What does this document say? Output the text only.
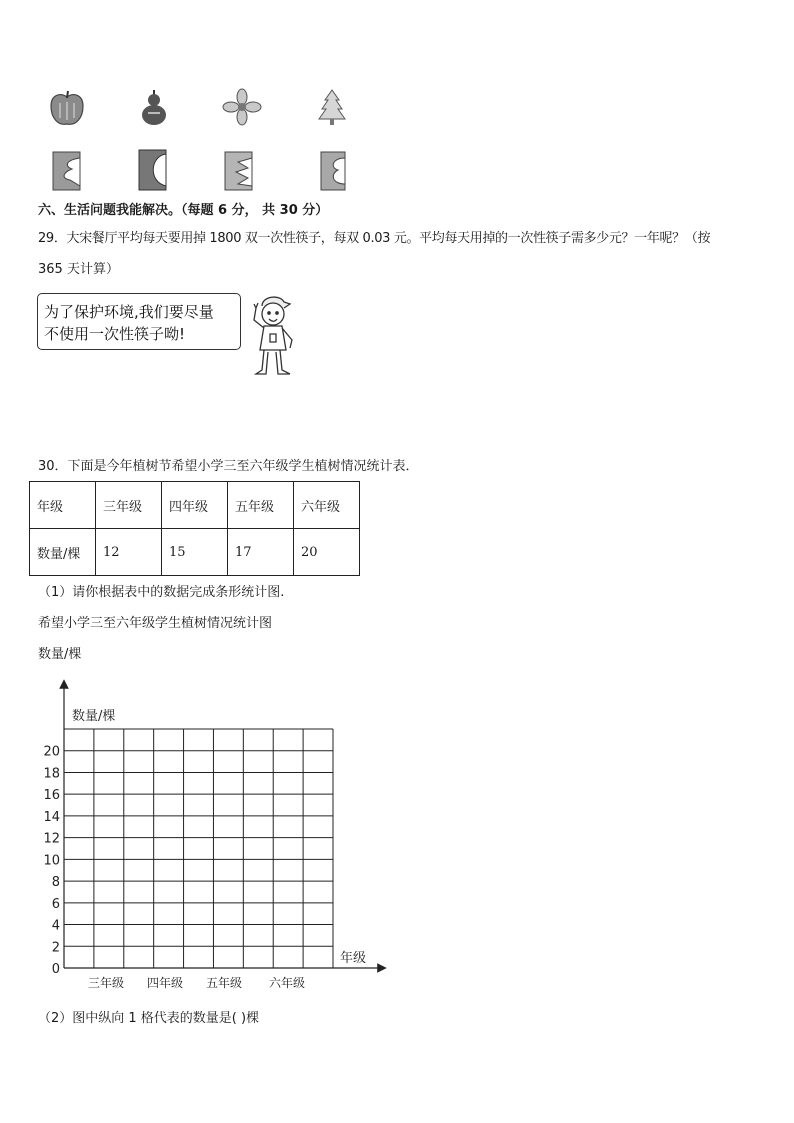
六、生活问题我能解决。（每题 6 分， 共 30 分）
29．大宋餐厅平均每天要用掉 1800 双一次性筷子，每双 0.03 元。平均每天用掉的一次性筷子需多少元？一年呢？（按
365 天计算）
为了保护环境,我们要尽量
不使用一次性筷子呦!
30．下面是今年植树节希望小学三至六年级学生植树情况统计表．
年级	三年级	四年级	五年级	六年级
数量/棵	12	15	17	20
（1）请你根据表中的数据完成条形统计图.
希望小学三至六年级学生植树情况统计图
数量/棵
数量/棵
年级
0
2
4
6
8
10
12
14
16
18
20
三年级 四年级 五年级 六年级
（2）图中纵向 1 格代表的数量是( )棵
